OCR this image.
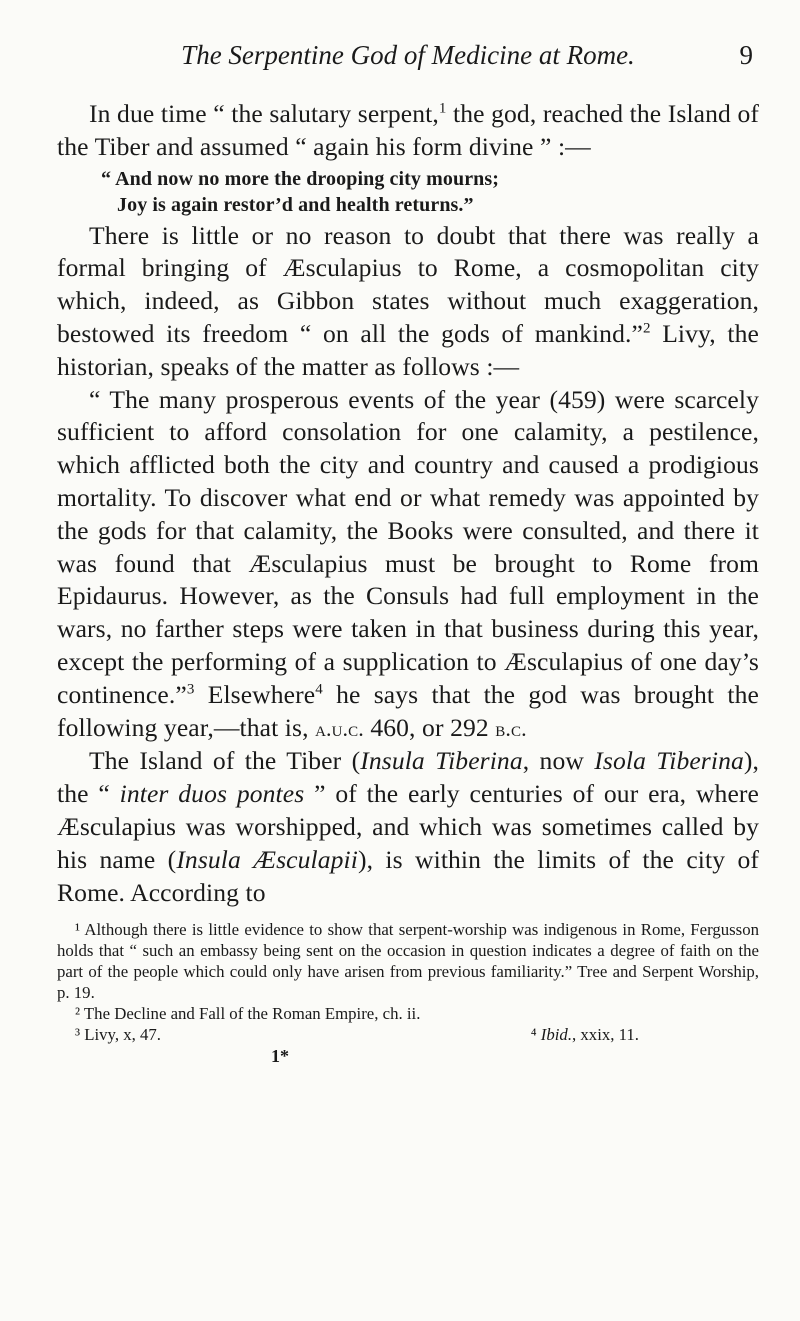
The Serpentine God of Medicine at Rome.	9

In due time “ the salutary serpent,$^1$ the god, reached the Island of the Tiber and assumed “ again his form divine ” :—

“ And now no more the drooping city mourns;
Joy is again restor’d and health returns.”

There is little or no reason to doubt that there was really a formal bringing of Æsculapius to Rome, a cosmopolitan city which, indeed, as Gibbon states without much exaggeration, bestowed its freedom “ on all the gods of mankind.”$^2$ Livy, the historian, speaks of the matter as follows :—

“ The many prosperous events of the year (459) were scarcely sufficient to afford consolation for one calamity, a pestilence, which afflicted both the city and country and caused a prodigious mortality. To discover what end or what remedy was appointed by the gods for that calamity, the Books were consulted, and there it was found that Æsculapius must be brought to Rome from Epidaurus. However, as the Consuls had full employment in the wars, no farther steps were taken in that business during this year, except the performing of a supplication to Æsculapius of one day’s continence.”$^3$ Elsewhere$^4$ he says that the god was brought the following year,—that is, a.u.c. 460, or 292 b.c.

The Island of the Tiber (Insula Tiberina, now Isola Tiberina), the “ inter duos pontes ” of the early centuries of our era, where Æsculapius was worshipped, and which was sometimes called by his name (Insula Æsculapii), is within the limits of the city of Rome. According to

¹ Although there is little evidence to show that serpent-worship was indigenous in Rome, Fergusson holds that “ such an embassy being sent on the occasion in question indicates a degree of faith on the part of the people which could only have arisen from previous familiarity.” Tree and Serpent Worship, p. 19.
² The Decline and Fall of the Roman Empire, ch. ii.
³ Livy, x, 47.	⁴ Ibid., xxix, 11.
1*
